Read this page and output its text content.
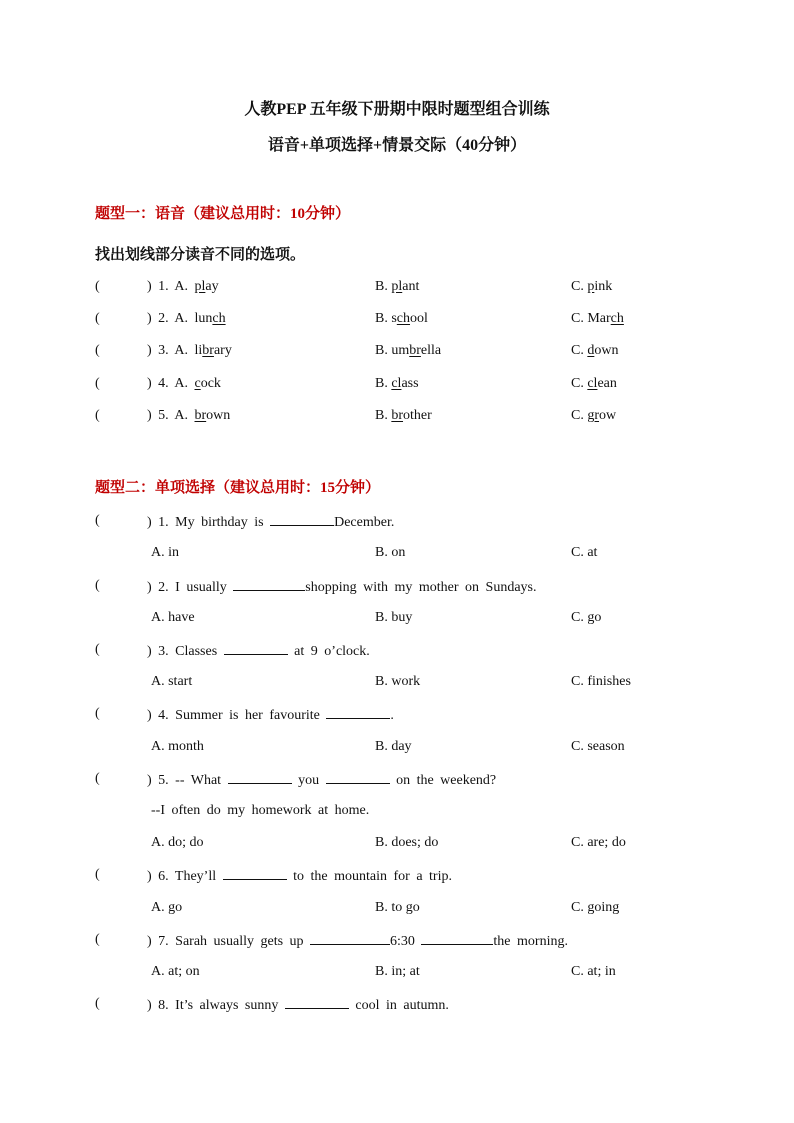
人教PEP 五年级下册期中限时题型组合训练
语音+单项选择+情景交际（40分钟）
题型一：语音（建议总用时：10分钟）
找出划线部分读音不同的选项。
(	) 1. A. play	B. plant	C. pink
(	) 2. A. lunch	B. school	C. March
(	) 3. A. library	B. umbrella	C. down
(	) 4. A. cock	B. class	C. clean
(	) 5. A. brown	B. brother	C. grow
题型二：单项选择（建议总用时：15分钟）
(	) 1. My birthday is	December.
A. in	B. on	C. at
(	) 2. I usually	shopping with my mother on Sundays.
A. have	B. buy	C. go
(	) 3. Classes	at 9 o’clock.
A. start	B. work	C. finishes
(	) 4. Summer is her favourite	.
A. month	B. day	C. season
(	) 5. -- What	you	on the weekend?
--I often do my homework at home.
A. do; do	B. does; do	C. are; do
(	) 6. They’ll	to the mountain for a trip.
A. go	B. to go	C. going
(	) 7. Sarah usually gets up	6:30	the morning.
A. at; on	B. in; at	C. at; in
(	) 8. It’s always sunny	cool in autumn.
